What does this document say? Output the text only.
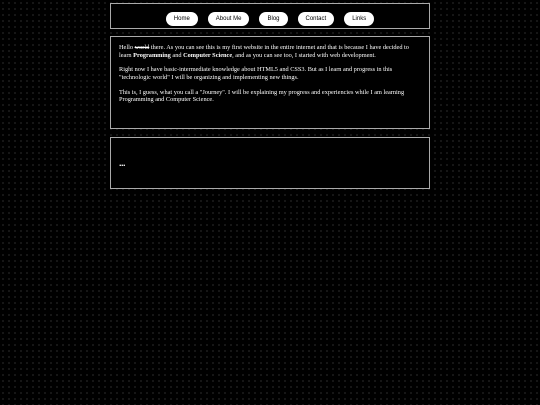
Home	About Me	Blog	Contact	Links

Hello world there. As you can see this is my first website in the entire internet and that is because I have decided to learn Programming and Computer Science, and as you can see too, I started with web development.

Right now I have basic-intermediate knowledge about HTML5 and CSS3. But as I learn and progress in this "technologic world" I will be organizing and implementing new things.

This is, I guess, what you call a "Journey". I will be explaining my progress and experiencies while I am learning Programming and Computer Science.

...
